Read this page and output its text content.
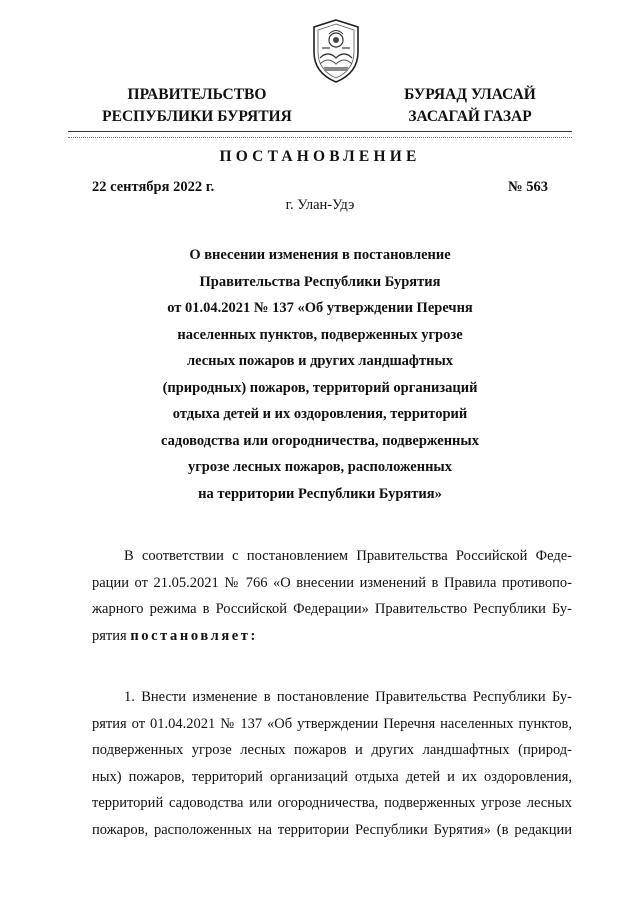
ПРАВИТЕЛЬСТВО
РЕСПУБЛИКИ БУРЯТИЯ
БУРЯАД УЛАСАЙ
ЗАСАГАЙ ГАЗАР
ПОСТАНОВЛЕНИЕ
22 сентября 2022 г.	№ 563
г. Улан-Удэ
О внесении изменения в постановление
Правительства Республики Бурятия
от 01.04.2021 № 137 «Об утверждении Перечня
населенных пунктов, подверженных угрозе
лесных пожаров и других ландшафтных
(природных) пожаров, территорий организаций
отдыха детей и их оздоровления, территорий
садоводства или огородничества, подверженных
угрозе лесных пожаров, расположенных
на территории Республики Бурятия»
В соответствии с постановлением Правительства Российской Феде-
рации от 21.05.2021 № 766 «О внесении изменений в Правила противопо-
жарного режима в Российской Федерации» Правительство Республики Бу-
рятия постановляет:
1. Внести изменение в постановление Правительства Республики Бу-
рятия от 01.04.2021 № 137 «Об утверждении Перечня населенных пунктов,
подверженных угрозе лесных пожаров и других ландшафтных (природ-
ных) пожаров, территорий организаций отдыха детей и их оздоровления,
территорий садоводства или огородничества, подверженных угрозе лесных
пожаров, расположенных на территории Республики Бурятия» (в редакции
